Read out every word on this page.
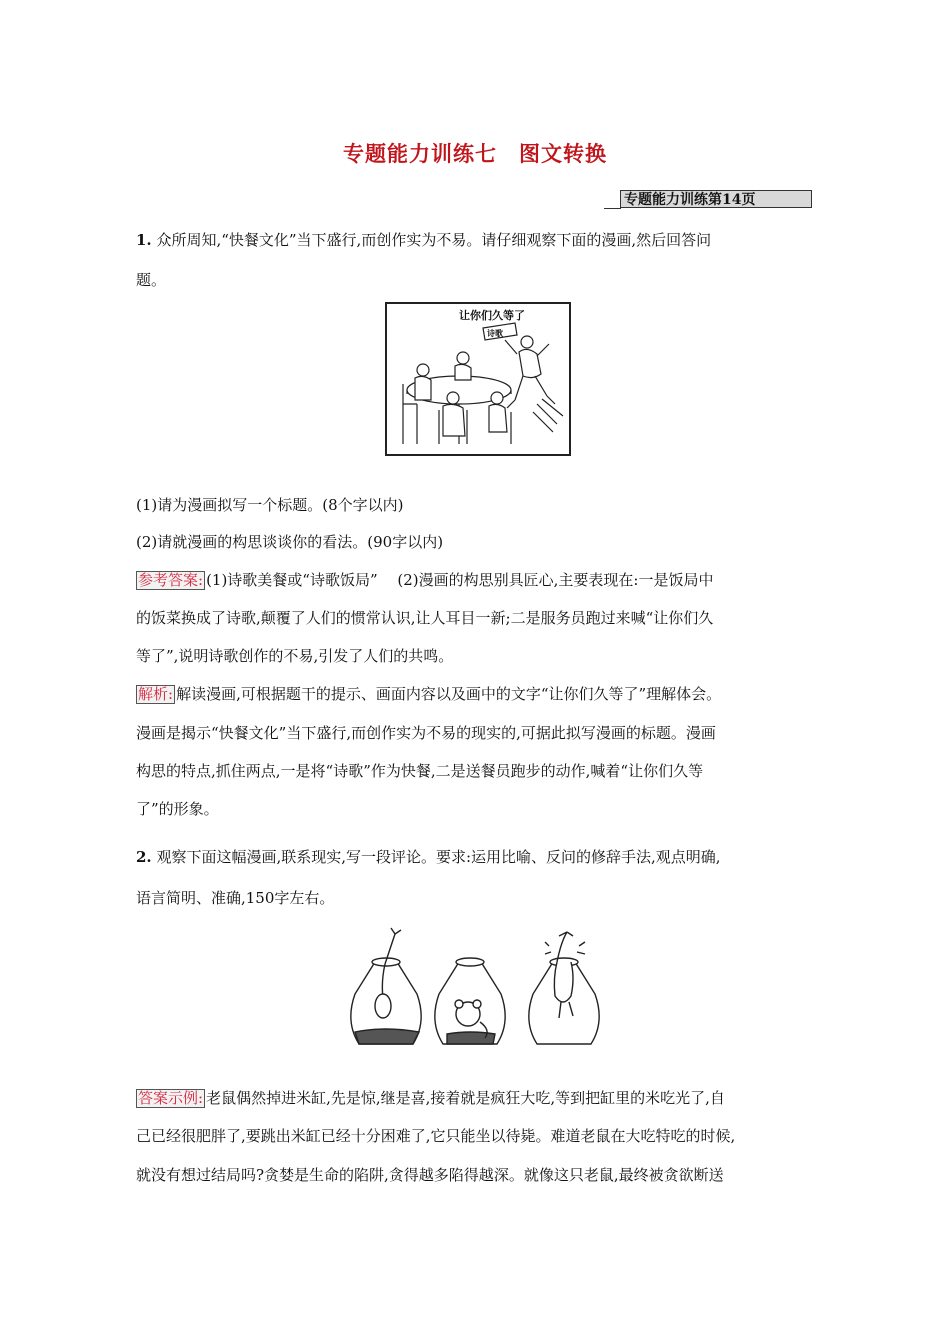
专题能力训练七　图文转换
专题能力训练第14页
1. 众所周知,“快餐文化”当下盛行,而创作实为不易。请仔细观察下面的漫画,然后回答问
题。
让你们久等了
诗歌
(1)请为漫画拟写一个标题。(8个字以内)
(2)请就漫画的构思谈谈你的看法。(90字以内)
参考答案: (1)诗歌美餐或“诗歌饭局”　 (2)漫画的构思别具匠心,主要表现在:一是饭局中
的饭菜换成了诗歌,颠覆了人们的惯常认识,让人耳目一新;二是服务员跑过来喊“让你们久
等了”,说明诗歌创作的不易,引发了人们的共鸣。
解析: 解读漫画,可根据题干的提示、画面内容以及画中的文字“让你们久等了”理解体会。
漫画是揭示“快餐文化”当下盛行,而创作实为不易的现实的,可据此拟写漫画的标题。漫画
构思的特点,抓住两点,一是将“诗歌”作为快餐,二是送餐员跑步的动作,喊着“让你们久等
了”的形象。
2. 观察下面这幅漫画,联系现实,写一段评论。要求:运用比喻、反问的修辞手法,观点明确,
语言简明、准确,150字左右。
答案示例: 老鼠偶然掉进米缸,先是惊,继是喜,接着就是疯狂大吃,等到把缸里的米吃光了,自
己已经很肥胖了,要跳出米缸已经十分困难了,它只能坐以待毙。难道老鼠在大吃特吃的时候,
就没有想过结局吗?贪婪是生命的陷阱,贪得越多陷得越深。就像这只老鼠,最终被贪欲断送
